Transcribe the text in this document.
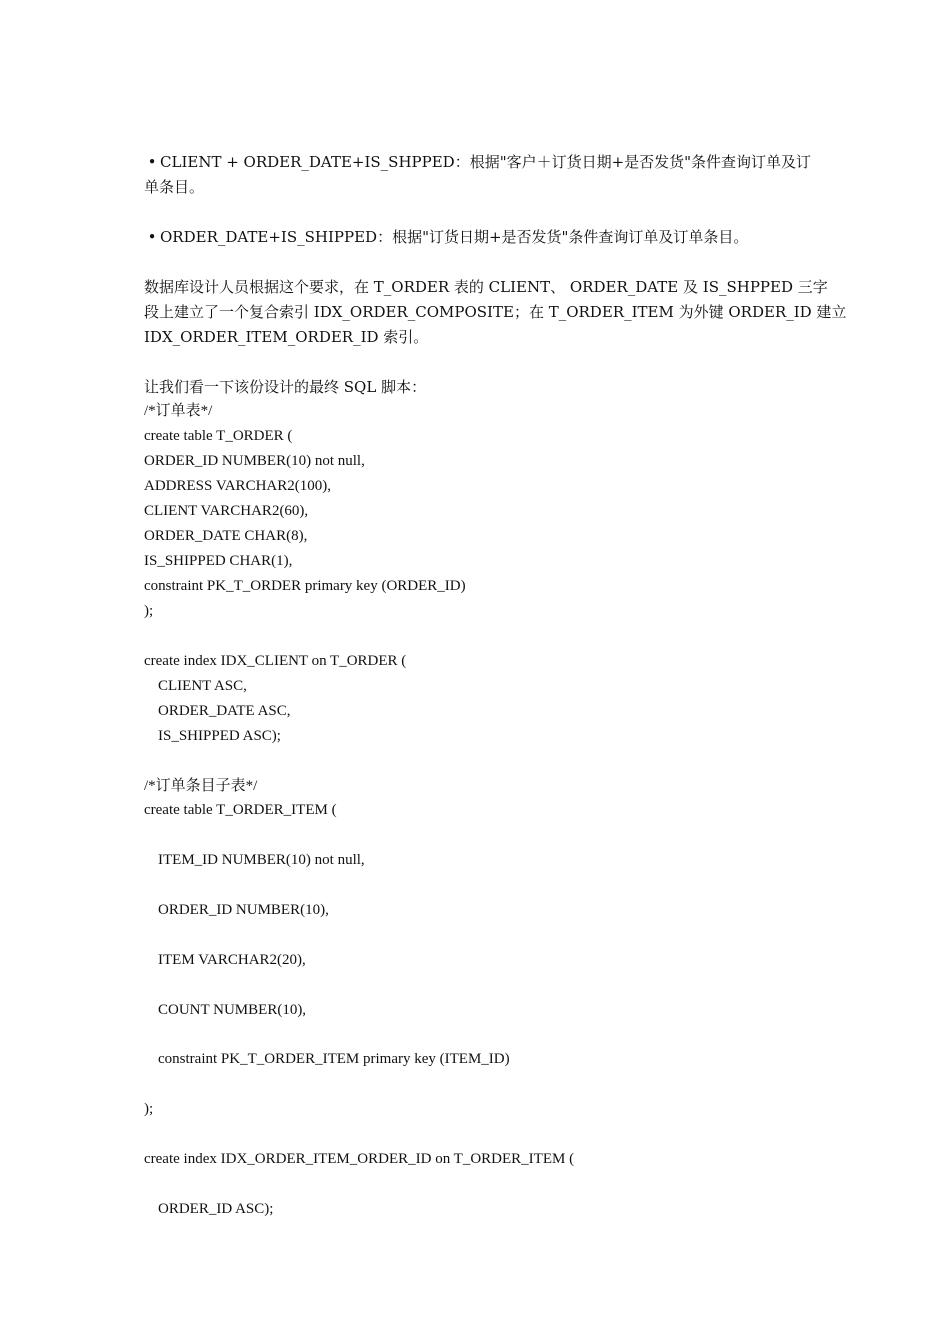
• CLIENT + ORDER_DATE+IS_SHPPED：根据"客户＋订货日期+是否发货"条件查询订单及订
单条目。
• ORDER_DATE+IS_SHIPPED：根据"订货日期+是否发货"条件查询订单及订单条目。
数据库设计人员根据这个要求，在 T_ORDER 表的 CLIENT、 ORDER_DATE 及 IS_SHPPED 三字
段上建立了一个复合索引 IDX_ORDER_COMPOSITE；在 T_ORDER_ITEM 为外键 ORDER_ID 建立
IDX_ORDER_ITEM_ORDER_ID 索引。
让我们看一下该份设计的最终 SQL 脚本：
/*订单表*/
create table T_ORDER (
ORDER_ID NUMBER(10) not null,
ADDRESS VARCHAR2(100),
CLIENT VARCHAR2(60),
ORDER_DATE CHAR(8),
IS_SHIPPED CHAR(1),
constraint PK_T_ORDER primary key (ORDER_ID)
);
create index IDX_CLIENT on T_ORDER (
CLIENT ASC,
ORDER_DATE ASC,
IS_SHIPPED ASC);
/*订单条目子表*/
create table T_ORDER_ITEM (
ITEM_ID NUMBER(10) not null,
ORDER_ID NUMBER(10),
ITEM VARCHAR2(20),
COUNT NUMBER(10),
constraint PK_T_ORDER_ITEM primary key (ITEM_ID)
);
create index IDX_ORDER_ITEM_ORDER_ID on T_ORDER_ITEM (
ORDER_ID ASC);
